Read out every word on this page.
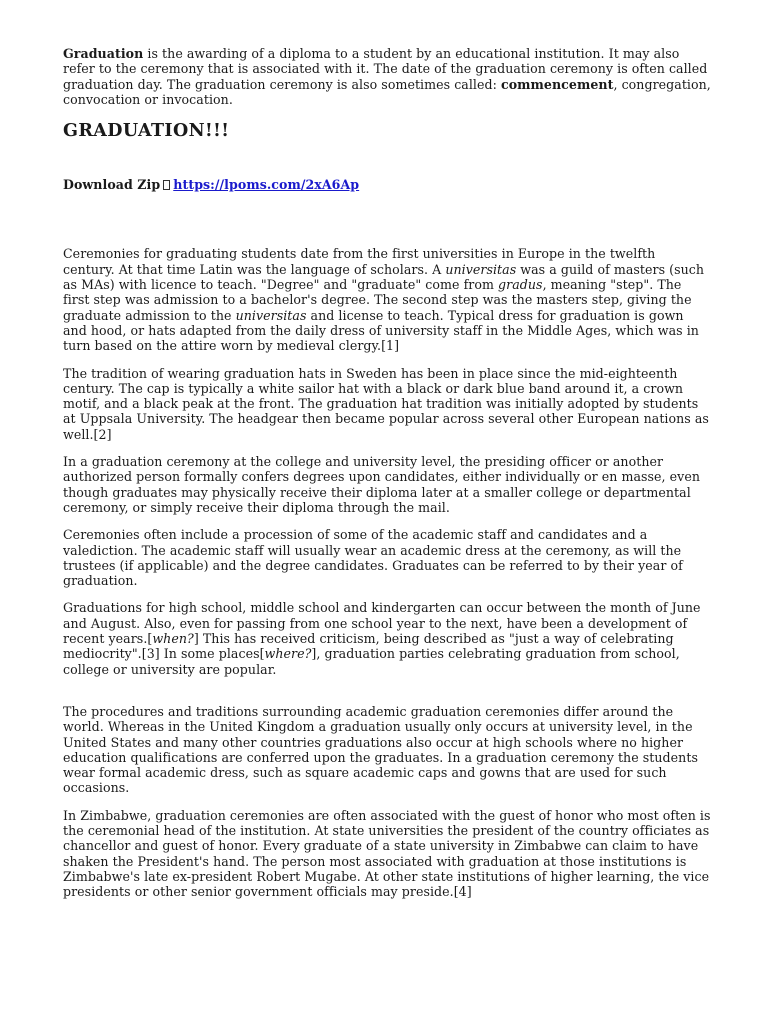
Graduation is the awarding of a diploma to a student by an educational institution. It may also refer to the ceremony that is associated with it. The date of the graduation ceremony is often called graduation day. The graduation ceremony is also sometimes called: commencement, congregation, convocation or invocation.

GRADUATION!!!

Download Zip https://lpoms.com/2xA6Ap

Ceremonies for graduating students date from the first universities in Europe in the twelfth century. At that time Latin was the language of scholars. A universitas was a guild of masters (such as MAs) with licence to teach. "Degree" and "graduate" come from gradus, meaning "step". The first step was admission to a bachelor's degree. The second step was the masters step, giving the graduate admission to the universitas and license to teach. Typical dress for graduation is gown and hood, or hats adapted from the daily dress of university staff in the Middle Ages, which was in turn based on the attire worn by medieval clergy.[1]

The tradition of wearing graduation hats in Sweden has been in place since the mid-eighteenth century. The cap is typically a white sailor hat with a black or dark blue band around it, a crown motif, and a black peak at the front. The graduation hat tradition was initially adopted by students at Uppsala University. The headgear then became popular across several other European nations as well.[2]

In a graduation ceremony at the college and university level, the presiding officer or another authorized person formally confers degrees upon candidates, either individually or en masse, even though graduates may physically receive their diploma later at a smaller college or departmental ceremony, or simply receive their diploma through the mail.

Ceremonies often include a procession of some of the academic staff and candidates and a valediction. The academic staff will usually wear an academic dress at the ceremony, as will the trustees (if applicable) and the degree candidates. Graduates can be referred to by their year of graduation.

Graduations for high school, middle school and kindergarten can occur between the month of June and August. Also, even for passing from one school year to the next, have been a development of recent years.[when?] This has received criticism, being described as "just a way of celebrating mediocrity".[3] In some places[where?], graduation parties celebrating graduation from school, college or university are popular.

The procedures and traditions surrounding academic graduation ceremonies differ around the world. Whereas in the United Kingdom a graduation usually only occurs at university level, in the United States and many other countries graduations also occur at high schools where no higher education qualifications are conferred upon the graduates. In a graduation ceremony the students wear formal academic dress, such as square academic caps and gowns that are used for such occasions.

In Zimbabwe, graduation ceremonies are often associated with the guest of honor who most often is the ceremonial head of the institution. At state universities the president of the country officiates as chancellor and guest of honor. Every graduate of a state university in Zimbabwe can claim to have shaken the President's hand. The person most associated with graduation at those institutions is Zimbabwe's late ex-president Robert Mugabe. At other state institutions of higher learning, the vice presidents or other senior government officials may preside.[4]
